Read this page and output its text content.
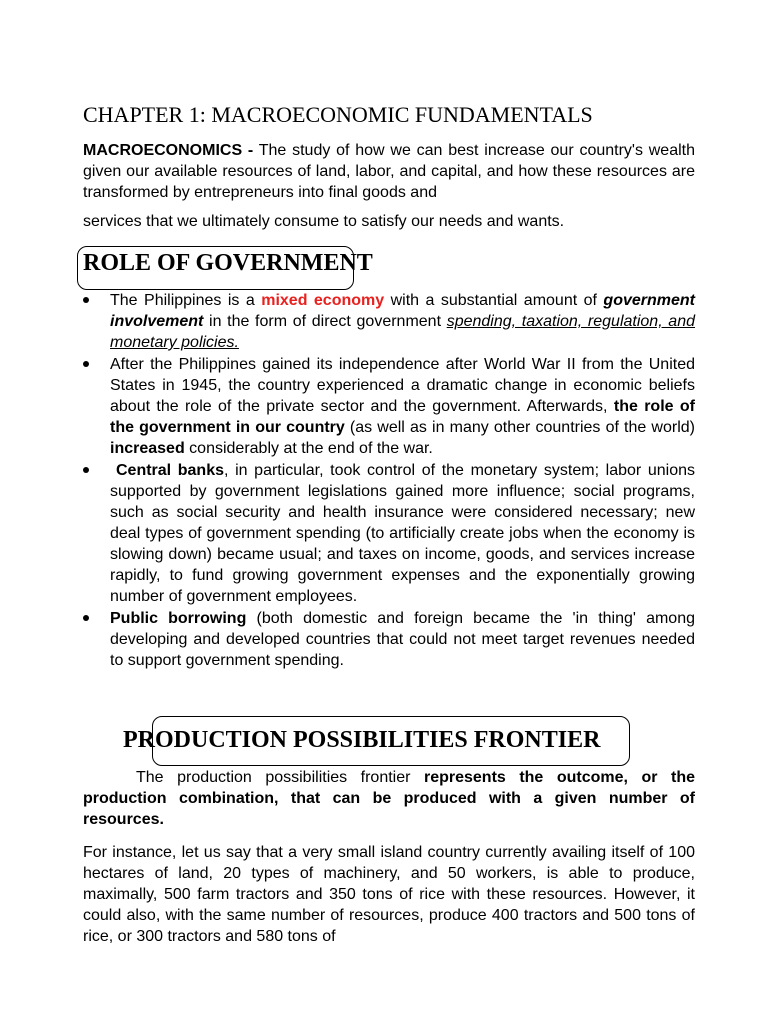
CHAPTER 1: MACROECONOMIC FUNDAMENTALS
MACROECONOMICS - The study of how we can best increase our country's wealth given our available resources of land, labor, and capital, and how these resources are transformed by entrepreneurs into final goods and
services that we ultimately consume to satisfy our needs and wants.
ROLE OF GOVERNMENT
The Philippines is a mixed economy with a substantial amount of government involvement in the form of direct government spending, taxation, regulation, and monetary policies.
After the Philippines gained its independence after World War II from the United States in 1945, the country experienced a dramatic change in economic beliefs about the role of the private sector and the government. Afterwards, the role of the government in our country (as well as in many other countries of the world) increased considerably at the end of the war.
Central banks, in particular, took control of the monetary system; labor unions supported by government legislations gained more influence; social programs, such as social security and health insurance were considered necessary; new deal types of government spending (to artificially create jobs when the economy is slowing down) became usual; and taxes on income, goods, and services increase rapidly, to fund growing government expenses and the exponentially growing number of government employees.
Public borrowing (both domestic and foreign became the 'in thing' among developing and developed countries that could not meet target revenues needed to support government spending.
PRODUCTION POSSIBILITIES FRONTIER
The production possibilities frontier represents the outcome, or the production combination, that can be produced with a given number of resources.
For instance, let us say that a very small island country currently availing itself of 100 hectares of land, 20 types of machinery, and 50 workers, is able to produce, maximally, 500 farm tractors and 350 tons of rice with these resources. However, it could also, with the same number of resources, produce 400 tractors and 500 tons of rice, or 300 tractors and 580 tons of
